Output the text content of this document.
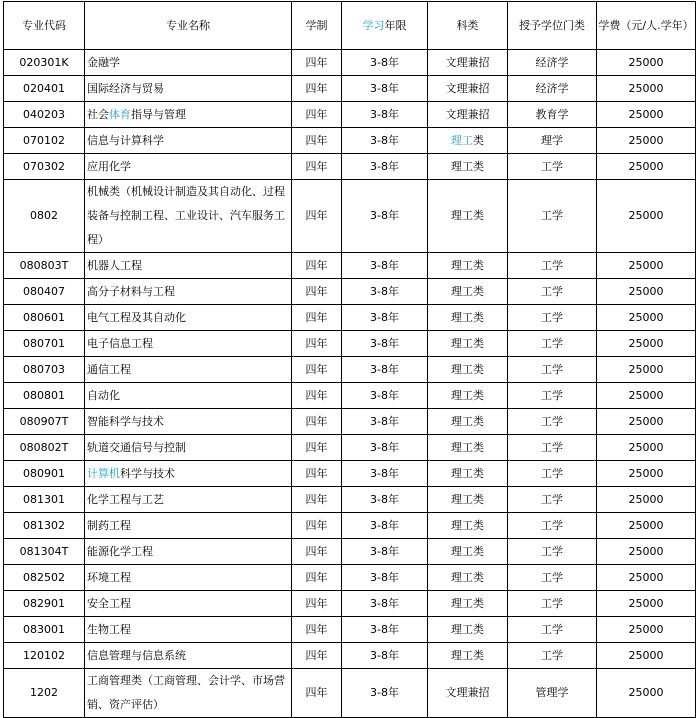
专业代码	专业名称	学制	学习年限	科类	授予学位门类	学费（元/人.学年）
020301K	金融学	四年	3-8年	文理兼招	经济学	25000
020401	国际经济与贸易	四年	3-8年	文理兼招	经济学	25000
040203	社会体育指导与管理	四年	3-8年	文理兼招	教育学	25000
070102	信息与计算科学	四年	3-8年	理工类	理学	25000
070302	应用化学	四年	3-8年	理工类	工学	25000
0802	机械类（机械设计制造及其自动化、过程装备与控制工程、工业设计、汽车服务工程）	四年	3-8年	理工类	工学	25000
080803T	机器人工程	四年	3-8年	理工类	工学	25000
080407	高分子材料与工程	四年	3-8年	理工类	工学	25000
080601	电气工程及其自动化	四年	3-8年	理工类	工学	25000
080701	电子信息工程	四年	3-8年	理工类	工学	25000
080703	通信工程	四年	3-8年	理工类	工学	25000
080801	自动化	四年	3-8年	理工类	工学	25000
080907T	智能科学与技术	四年	3-8年	理工类	工学	25000
080802T	轨道交通信号与控制	四年	3-8年	理工类	工学	25000
080901	计算机科学与技术	四年	3-8年	理工类	工学	25000
081301	化学工程与工艺	四年	3-8年	理工类	工学	25000
081302	制药工程	四年	3-8年	理工类	工学	25000
081304T	能源化学工程	四年	3-8年	理工类	工学	25000
082502	环境工程	四年	3-8年	理工类	工学	25000
082901	安全工程	四年	3-8年	理工类	工学	25000
083001	生物工程	四年	3-8年	理工类	工学	25000
120102	信息管理与信息系统	四年	3-8年	理工类	工学	25000
1202	工商管理类（工商管理、会计学、市场营销、资产评估）	四年	3-8年	文理兼招	管理学	25000
